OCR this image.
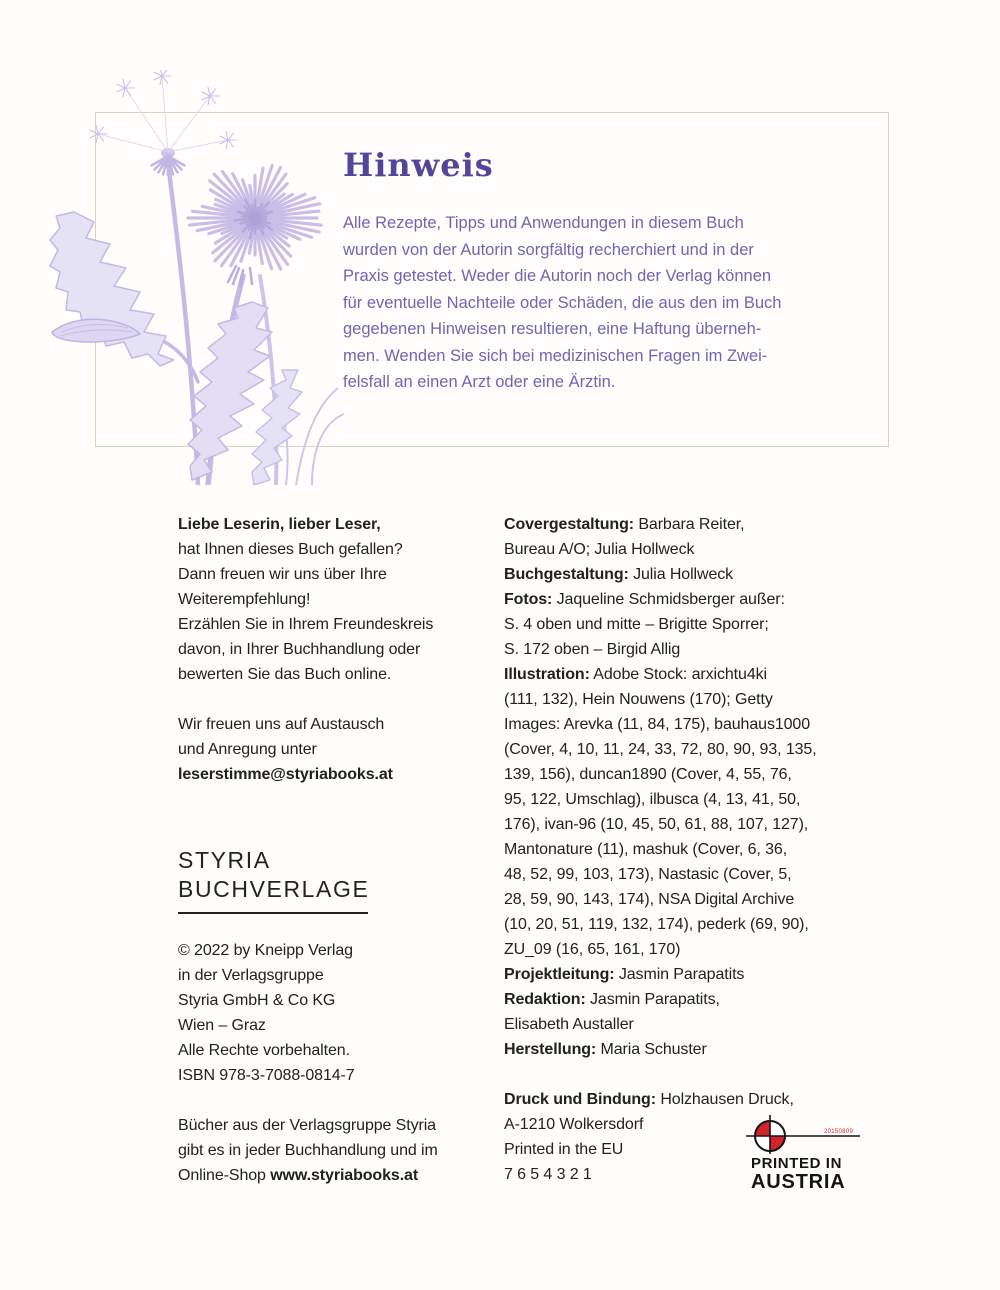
Hinweis
Alle Rezepte, Tipps und Anwendungen in diesem Buch
wurden von der Autorin sorgfältig recherchiert und in der
Praxis getestet. Weder die Autorin noch der Verlag können
für eventuelle Nachteile oder Schäden, die aus den im Buch
gegebenen Hinweisen resultieren, eine Haftung überneh-
men. Wenden Sie sich bei medizinischen Fragen im Zwei-
felsfall an einen Arzt oder eine Ärztin.
Liebe Leserin, lieber Leser,
hat Ihnen dieses Buch gefallen?
Dann freuen wir uns über Ihre
Weiterempfehlung!
Erzählen Sie in Ihrem Freundeskreis
davon, in Ihrer Buchhandlung oder
bewerten Sie das Buch online.

Wir freuen uns auf Austausch
und Anregung unter
leserstimme@styriabooks.at
STYRIA
BUCHVERLAGE
© 2022 by Kneipp Verlag
in der Verlagsgruppe
Styria GmbH & Co KG
Wien – Graz
Alle Rechte vorbehalten.
ISBN 978-3-7088-0814-7
Bücher aus der Verlagsgruppe Styria
gibt es in jeder Buchhandlung und im
Online-Shop www.styriabooks.at
Covergestaltung: Barbara Reiter,
Bureau A/O; Julia Hollweck
Buchgestaltung: Julia Hollweck
Fotos: Jaqueline Schmidsberger außer:
S. 4 oben und mitte – Brigitte Sporrer;
S. 172 oben – Birgid Allig
Illustration: Adobe Stock: arxichtu4ki
(111, 132), Hein Nouwens (170); Getty
Images: Arevka (11, 84, 175), bauhaus1000
(Cover, 4, 10, 11, 24, 33, 72, 80, 90, 93, 135,
139, 156), duncan1890 (Cover, 4, 55, 76,
95, 122, Umschlag), ilbusca (4, 13, 41, 50,
176), ivan-96 (10, 45, 50, 61, 88, 107, 127),
Mantonature (11), mashuk (Cover, 6, 36,
48, 52, 99, 103, 173), Nastasic (Cover, 5,
28, 59, 90, 143, 174), NSA Digital Archive
(10, 20, 51, 119, 132, 174), pederk (69, 90),
ZU_09 (16, 65, 161, 170)
Projektleitung: Jasmin Parapatits
Redaktion: Jasmin Parapatits,
Elisabeth Austaller
Herstellung: Maria Schuster

Druck und Bindung: Holzhausen Druck,
A-1210 Wolkersdorf
Printed in the EU
7 6 5 4 3 2 1
20150809
PRINTED IN
AUSTRIA
